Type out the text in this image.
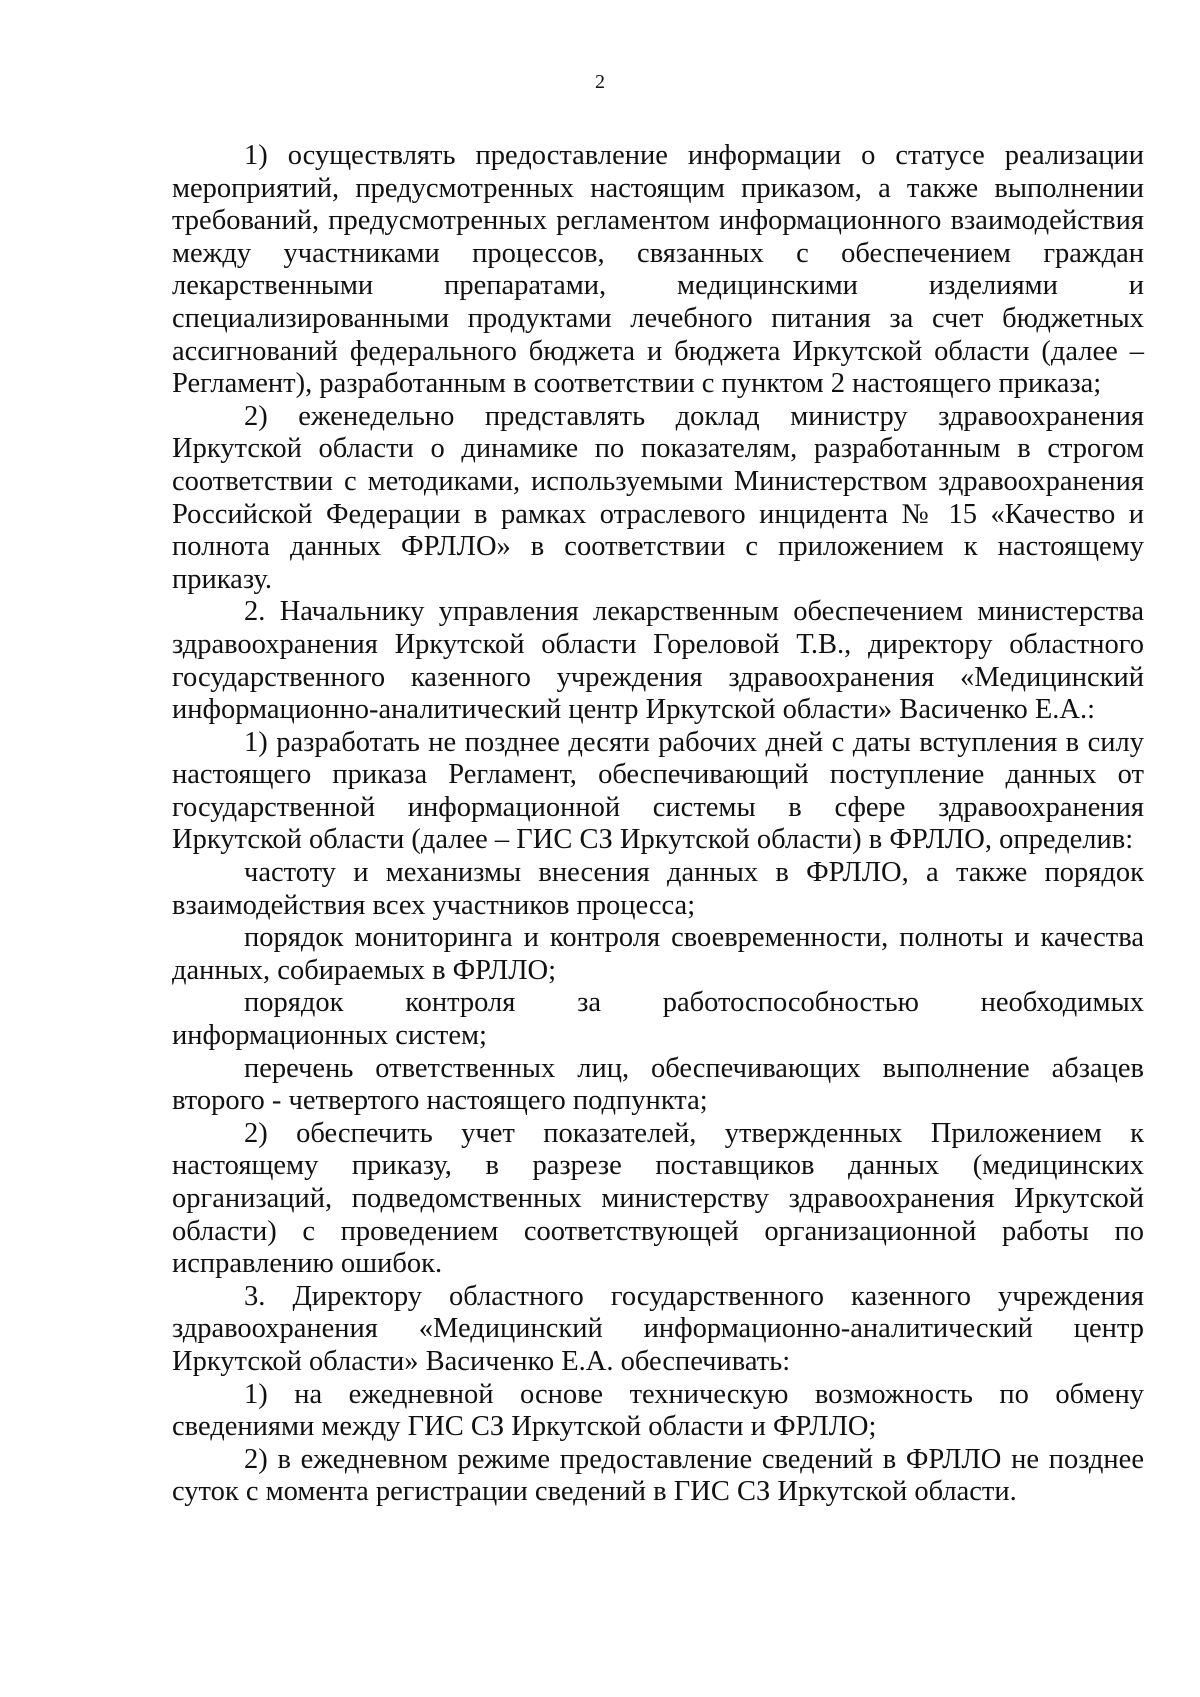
2

1) осуществлять предоставление информации о статусе реализации мероприятий, предусмотренных настоящим приказом, а также выполнении требований, предусмотренных регламентом информационного взаимодействия между участниками процессов, связанных с обеспечением граждан лекарственными препаратами, медицинскими изделиями и специализированными продуктами лечебного питания за счет бюджетных ассигнований федерального бюджета и бюджета Иркутской области (далее – Регламент), разработанным в соответствии с пунктом 2 настоящего приказа;

2) еженедельно представлять доклад министру здравоохранения Иркутской области о динамике по показателям, разработанным в строгом соответствии с методиками, используемыми Министерством здравоохранения Российской Федерации в рамках отраслевого инцидента № 15 «Качество и полнота данных ФРЛЛО» в соответствии с приложением к настоящему приказу.

2. Начальнику управления лекарственным обеспечением министерства здравоохранения Иркутской области Гореловой Т.В., директору областного государственного казенного учреждения здравоохранения «Медицинский информационно-аналитический центр Иркутской области» Васиченко Е.А.:

1) разработать не позднее десяти рабочих дней с даты вступления в силу настоящего приказа Регламент, обеспечивающий поступление данных от государственной информационной системы в сфере здравоохранения Иркутской области (далее – ГИС СЗ Иркутской области) в ФРЛЛО, определив:

частоту и механизмы внесения данных в ФРЛЛО, а также порядок взаимодействия всех участников процесса;

порядок мониторинга и контроля своевременности, полноты и качества данных, собираемых в ФРЛЛО;

порядок контроля за работоспособностью необходимых информационных систем;

перечень ответственных лиц, обеспечивающих выполнение абзацев второго - четвертого настоящего подпункта;

2) обеспечить учет показателей, утвержденных Приложением к настоящему приказу, в разрезе поставщиков данных (медицинских организаций, подведомственных министерству здравоохранения Иркутской области) с проведением соответствующей организационной работы по исправлению ошибок.

3. Директору областного государственного казенного учреждения здравоохранения «Медицинский информационно-аналитический центр Иркутской области» Васиченко Е.А. обеспечивать:

1) на ежедневной основе техническую возможность по обмену сведениями между ГИС СЗ Иркутской области и ФРЛЛО;

2) в ежедневном режиме предоставление сведений в ФРЛЛО не позднее суток с момента регистрации сведений в ГИС СЗ Иркутской области.
